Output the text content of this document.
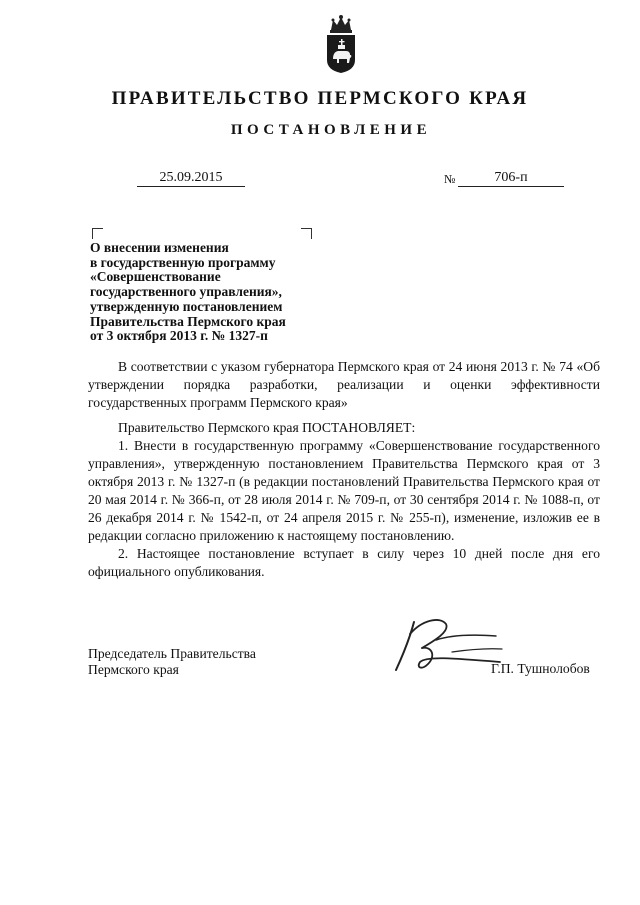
ПРАВИТЕЛЬСТВО ПЕРМСКОГО КРАЯ
ПОСТАНОВЛЕНИЕ
25.09.2015	№	706-п
О внесении изменения
в государственную программу
«Совершенствование
государственного управления»,
утвержденную постановлением
Правительства Пермского края
от 3 октября 2013 г. № 1327-п

В соответствии с указом губернатора Пермского края от 24 июня 2013 г. № 74 «Об утверждении порядка разработки, реализации и оценки эффективности государственных программ Пермского края»

Правительство Пермского края ПОСТАНОВЛЯЕТ:

1. Внести в государственную программу «Совершенствование государственного управления», утвержденную постановлением Правительства Пермского края от 3 октября 2013 г. № 1327-п (в редакции постановлений Правительства Пермского края от 20 мая 2014 г. № 366-п, от 28 июля 2014 г. № 709-п, от 30 сентября 2014 г. № 1088-п, от 26 декабря 2014 г. № 1542-п, от 24 апреля 2015 г. № 255-п), изменение, изложив ее в редакции согласно приложению к настоящему постановлению.

2. Настоящее постановление вступает в силу через 10 дней после дня его официального опубликования.

Председатель Правительства
Пермского края	Г.П. Тушнолобов
